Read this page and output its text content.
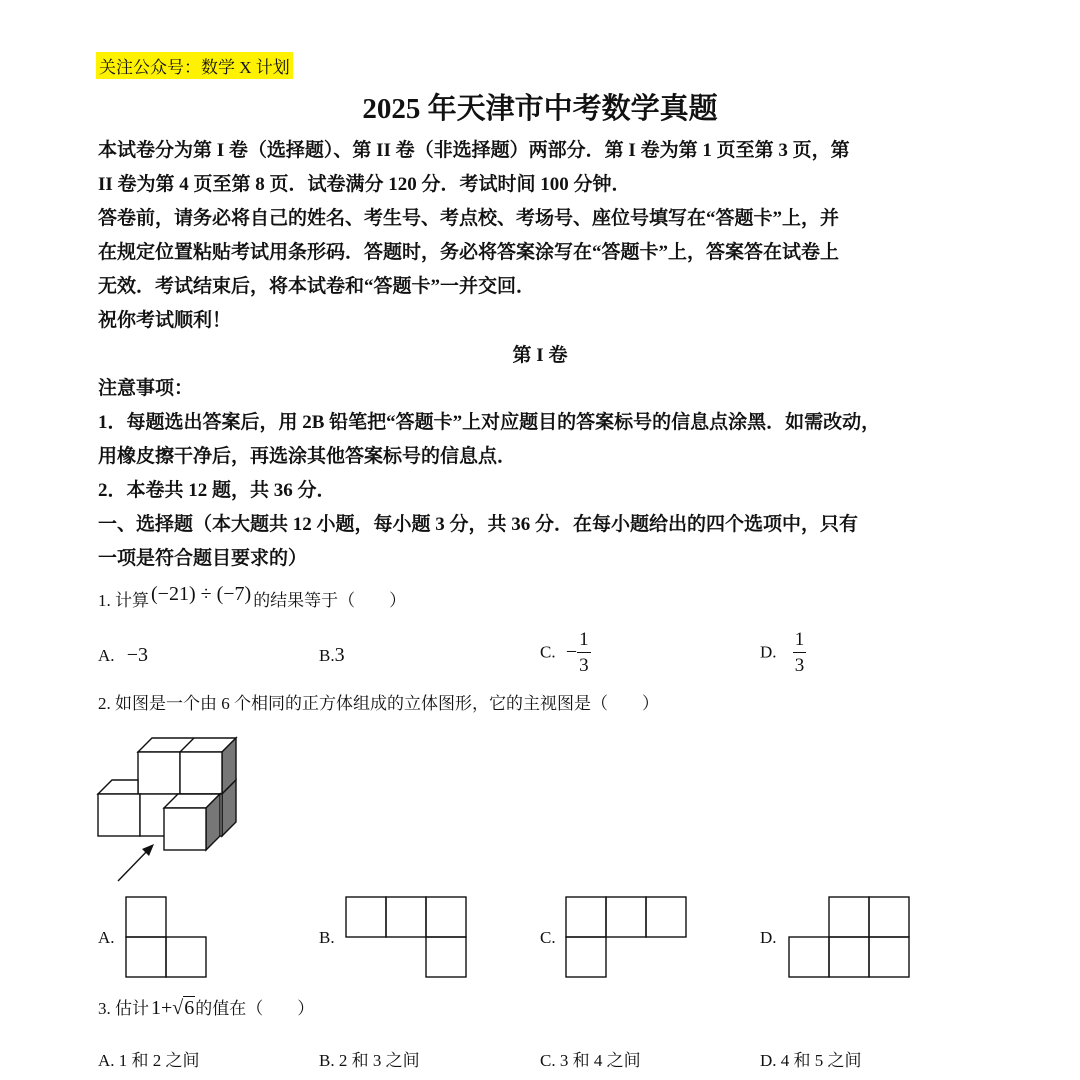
关注公众号：数学 X 计划
2025 年天津市中考数学真题

本试卷分为第 I 卷（选择题）、第 II 卷（非选择题）两部分．第 I 卷为第 1 页至第 3 页，第

II 卷为第 4 页至第 8 页．试卷满分 120 分．考试时间 100 分钟．

答卷前，请务必将自己的姓名、考生号、考点校、考场号、座位号填写在“答题卡”上，并

在规定位置粘贴考试用条形码．答题时，务必将答案涂写在“答题卡”上，答案答在试卷上

无效．考试结束后，将本试卷和“答题卡”一并交回．

祝你考试顺利！

第 I 卷

注意事项：

1．每题选出答案后，用 2B 铅笔把“答题卡”上对应题目的答案标号的信息点涂黑．如需改动，

用橡皮擦干净后，再选涂其他答案标号的信息点．

2．本卷共 12 题，共 36 分．

一、选择题（本大题共 12 小题，每小题 3 分，共 36 分．在每小题给出的四个选项中，只有

一项是符合题目要求的）

1. 计算 (−21) ÷ (−7) 的结果等于（　　）
A. −3	B.3	C. − $\frac{1}{3}$	D. $\frac{1}{3}$
2. 如图是一个由 6 个相同的正方体组成的立体图形，它的主视图是（　　）
A.	B.	C.	D.
3. 估计 1+√6的值在（　　）
A. 1 和 2 之间	B. 2 和 3 之间	C. 3 和 4 之间	D. 4 和 5 之间
